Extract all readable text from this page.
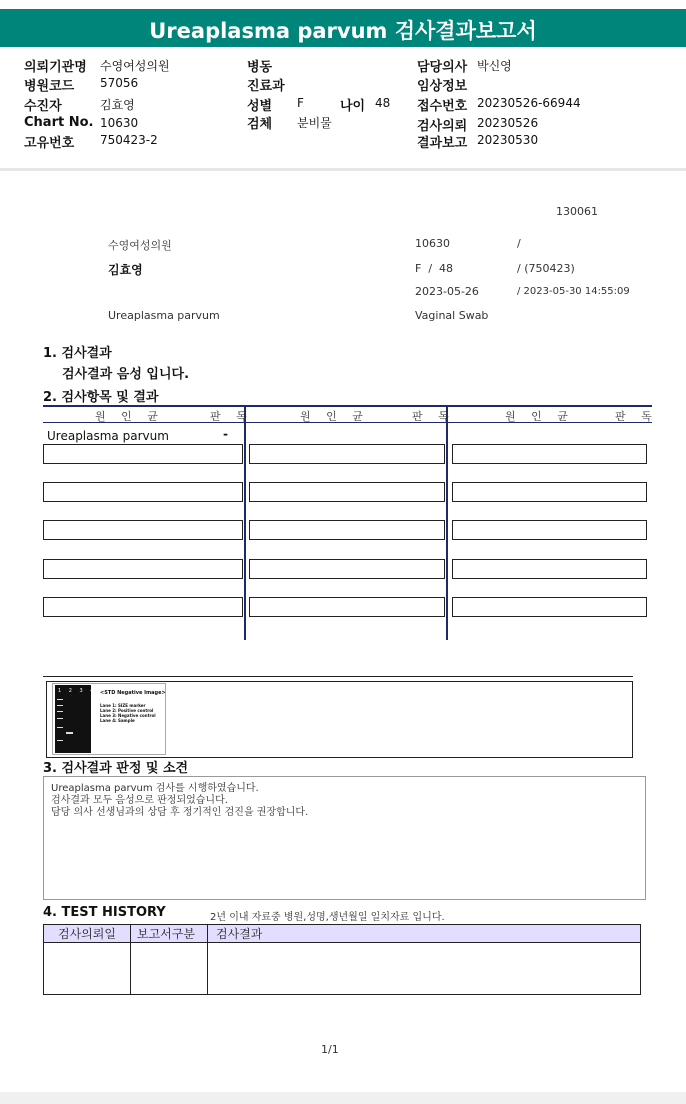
Ureaplasma parvum 검사결과보고서
의뢰기관명 수영여성의원
병원코드 57056
수진자	김효영
Chart No. 10630
고유번호 750423-2
병동
진료과
성별 F	나이 48
검체 분비물
담당의사 박신영
임상정보
접수번호 20230526-66944
검사의뢰 20230526
결과보고 20230530
130061
수영여성의원	10630	/
김효영	F  /  48	/ (750423)
2023-05-26	/ 2023-05-30 14:55:09
Ureaplasma parvum	Vaginal Swab
1. 검사결과
검사결과 음성 입니다.
2. 검사항목 및 결과
원 인 균	판 독	원 인 균	판 독	원 인 균	판 독
Ureaplasma parvum	-
1 2 3 4 <STD Negative Image>
Lane 1: SIZE marker
Lane 2: Positive control
Lane 3: Negative control
Lane 4: Sample
3. 검사결과 판정 및 소견
Ureaplasma parvum 검사를 시행하였습니다.
검사결과 모두 음성으로 판정되었습니다.
담당 의사 선생님과의 상담 후 정기적인 검진을 권장합니다.
4. TEST HISTORY	2년 이내 자료중 병원,성명,생년월일 일치자료 입니다.
검사의뢰일 보고서구분 검사결과
1/1
